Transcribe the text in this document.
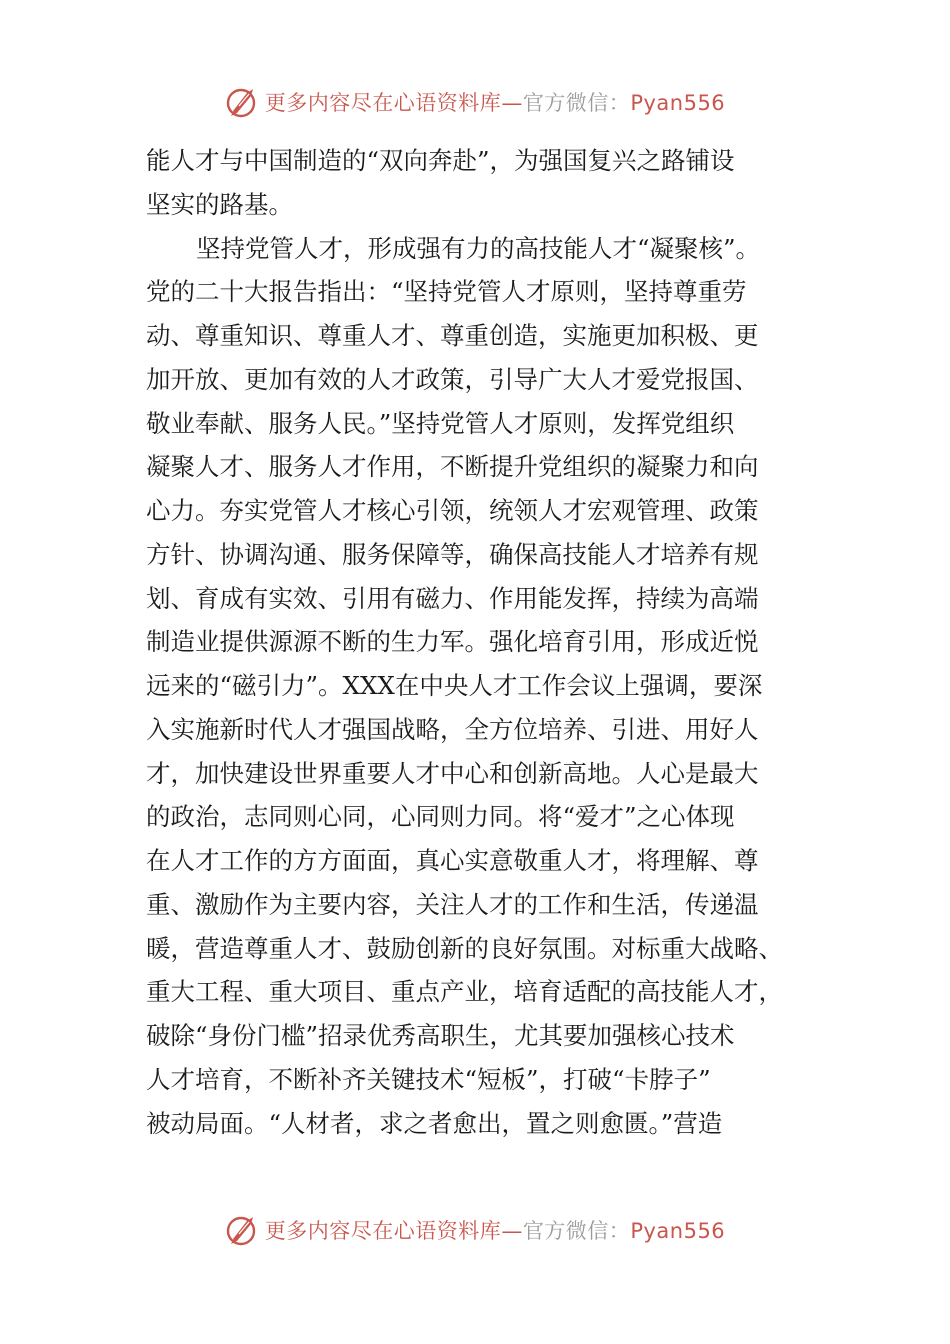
更多内容尽在心语资料库—官方微信：Pyan556
能人才与中国制造的“双向奔赴”，为强国复兴之路铺设
坚实的路基。
坚持党管人才，形成强有力的高技能人才“凝聚核”。
党的二十大报告指出：“坚持党管人才原则，坚持尊重劳
动、尊重知识、尊重人才、尊重创造，实施更加积极、更
加开放、更加有效的人才政策，引导广大人才爱党报国、
敬业奉献、服务人民。”坚持党管人才原则，发挥党组织
凝聚人才、服务人才作用，不断提升党组织的凝聚力和向
心力。夯实党管人才核心引领，统领人才宏观管理、政策
方针、协调沟通、服务保障等，确保高技能人才培养有规
划、育成有实效、引用有磁力、作用能发挥，持续为高端
制造业提供源源不断的生力军。强化培育引用，形成近悦
远来的“磁引力”。XXX在中央人才工作会议上强调，要深
入实施新时代人才强国战略，全方位培养、引进、用好人
才，加快建设世界重要人才中心和创新高地。人心是最大
的政治，志同则心同，心同则力同。将“爱才”之心体现
在人才工作的方方面面，真心实意敬重人才，将理解、尊
重、激励作为主要内容，关注人才的工作和生活，传递温
暖，营造尊重人才、鼓励创新的良好氛围。对标重大战略、
重大工程、重大项目、重点产业，培育适配的高技能人才，
破除“身份门槛”招录优秀高职生，尤其要加强核心技术
人才培育，不断补齐关键技术“短板”，打破“卡脖子”
被动局面。“人材者，求之者愈出，置之则愈匮。”营造
更多内容尽在心语资料库—官方微信：Pyan556
